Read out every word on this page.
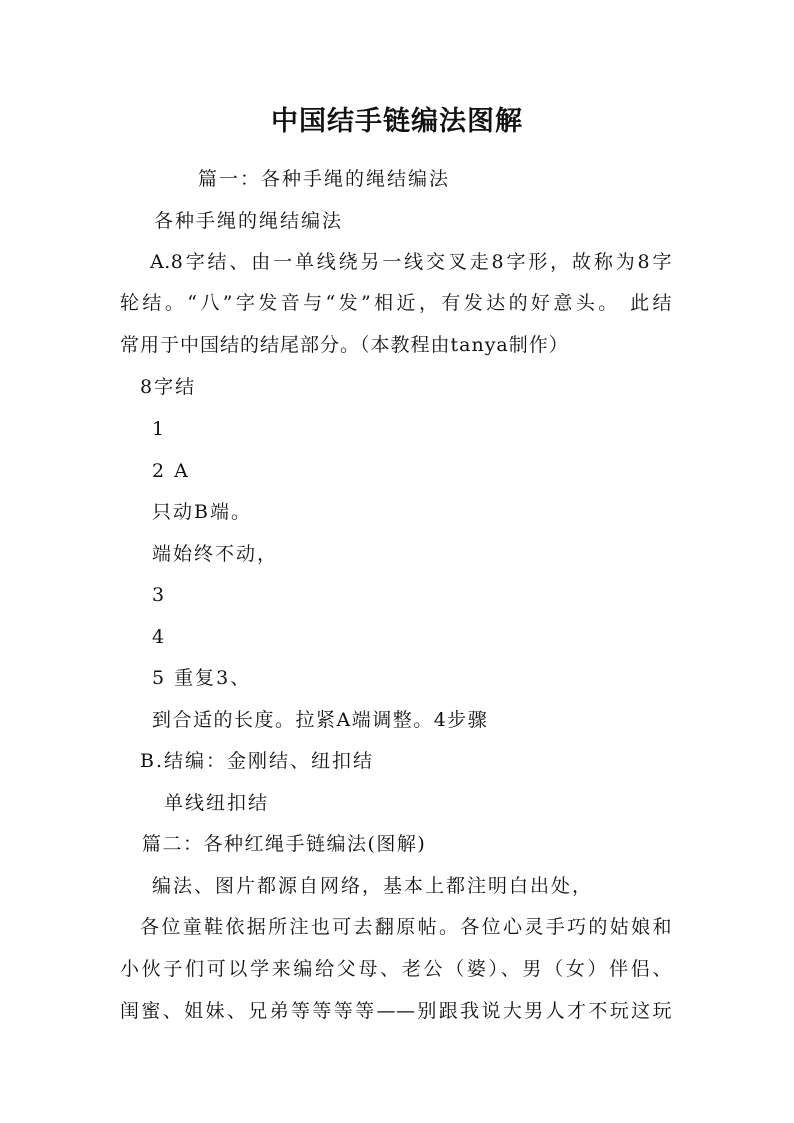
中国结手链编法图解
篇一：各种手绳的绳结编法
各种手绳的绳结编法
A.8字结、由一单线绕另一线交叉走8字形，故称为8字
轮结。“八”字发音与“发”相近，有发达的好意头。 此结
常用于中国结的结尾部分。（本教程由tanya制作）
8字结
1
2 A
只动B端。
端始终不动，
3
4
5 重复3、
到合适的长度。拉紧A端调整。4步骤
B.结编：金刚结、纽扣结
单线纽扣结
篇二：各种红绳手链编法(图解)
编法、图片都源自网络，基本上都注明白出处，
各位童鞋依据所注也可去翻原帖。各位心灵手巧的姑娘和
小伙子们可以学来编给父母、老公（婆）、男（女）伴侣、
闺蜜、姐妹、兄弟等等等等——别跟我说大男人才不玩这玩
